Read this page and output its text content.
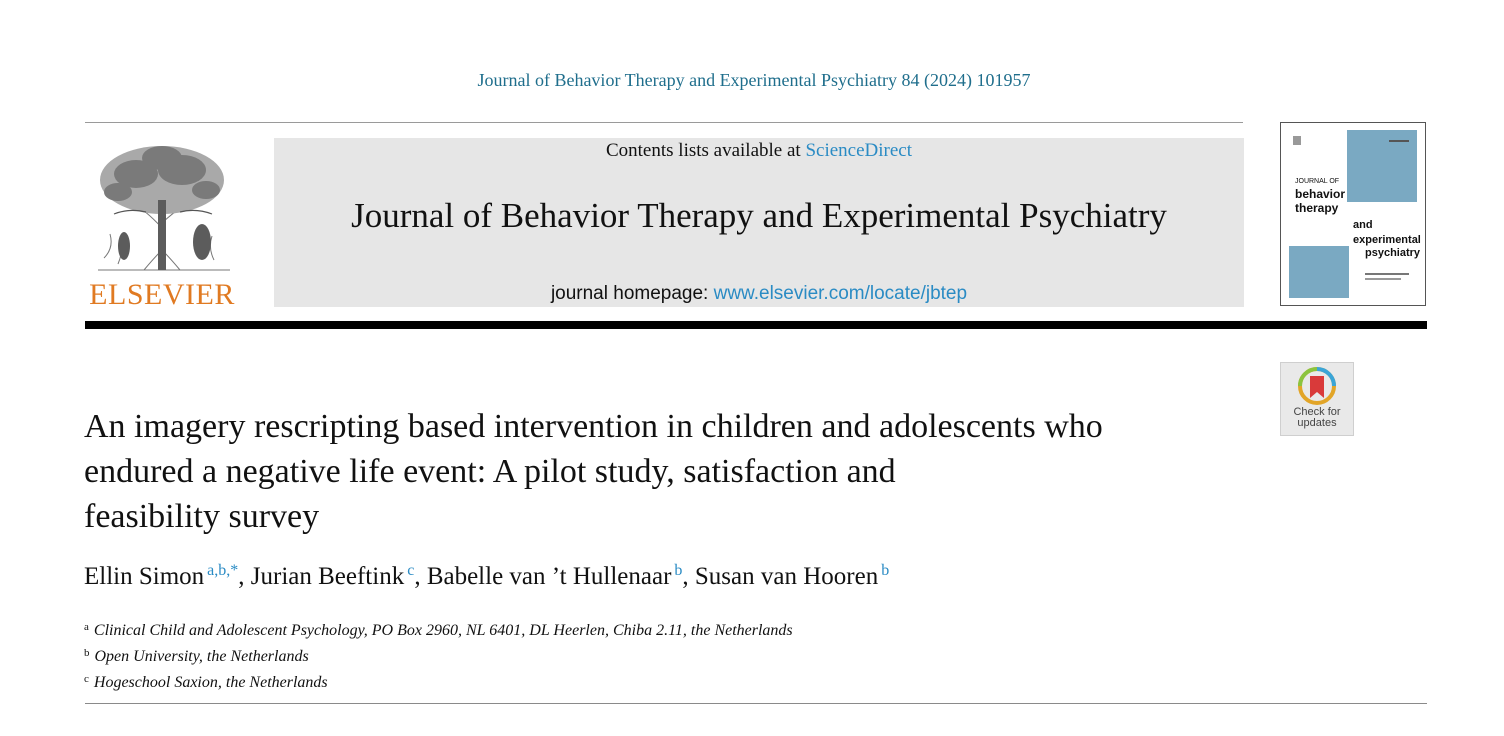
Journal of Behavior Therapy and Experimental Psychiatry 84 (2024) 101957
ELSEVIER
Contents lists available at ScienceDirect
Journal of Behavior Therapy and Experimental Psychiatry
journal homepage: www.elsevier.com/locate/jbtep
JOURNAL OF
behavior
therapy
and
experimental
psychiatry
Check for
updates
An imagery rescripting based intervention in children and adolescents who
endured a negative life event: A pilot study, satisfaction and
feasibility survey
Ellin Simon $^{a,b,*}$, Jurian Beeftink $^c$, Babelle van ’t Hullenaar $^b$, Susan van Hooren $^b$
$^a$ Clinical Child and Adolescent Psychology, PO Box 2960, NL 6401, DL Heerlen, Chiba 2.11, the Netherlands
$^b$ Open University, the Netherlands
$^c$ Hogeschool Saxion, the Netherlands
